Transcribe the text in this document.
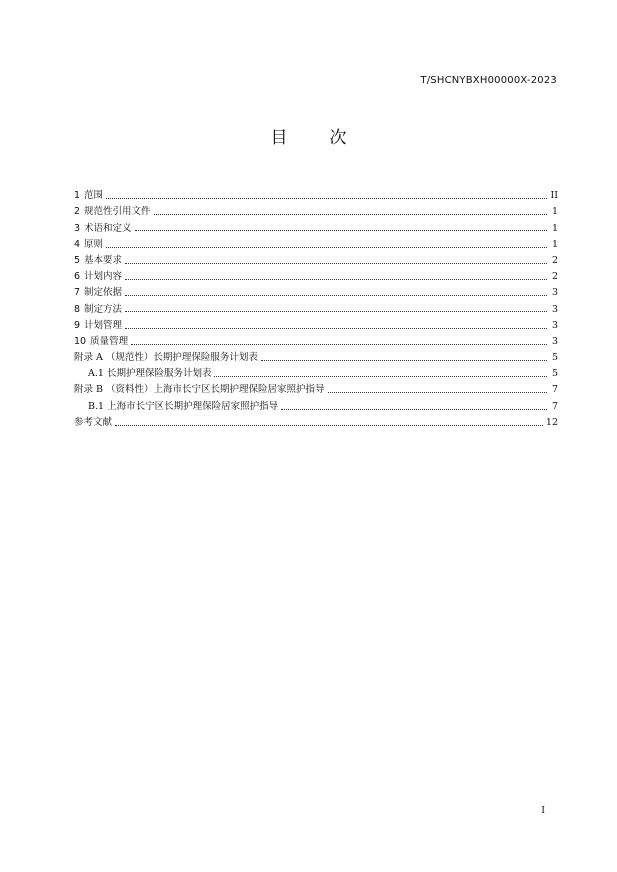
T/SHCNYBXH00000X-2023
目 次
1 范围	II
2 规范性引用文件	1
3 术语和定义	1
4 原则	1
5 基本要求	2
6 计划内容	2
7 制定依据	3
8 制定方法	3
9 计划管理	3
10 质量管理	3
附录 A （规范性）长期护理保险服务计划表	5
A.1 长期护理保险服务计划表	5
附录 B （资料性）上海市长宁区长期护理保险居家照护指导	7
B.1 上海市长宁区长期护理保险居家照护指导	7
参考文献	12
I
